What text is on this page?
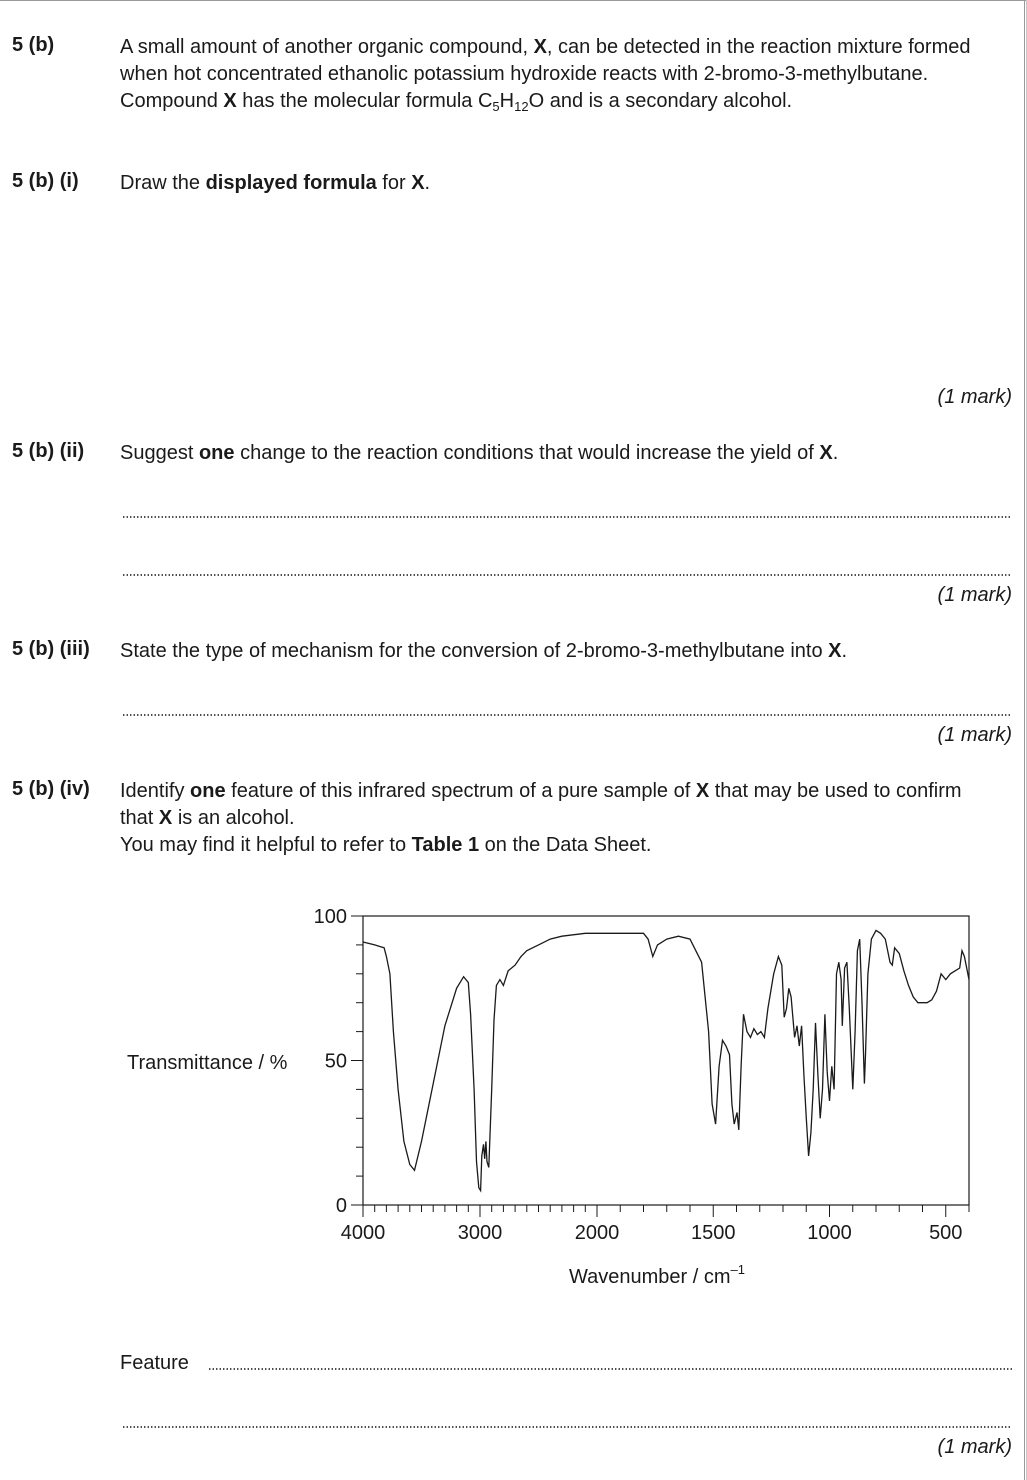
5 (b)	A small amount of another organic compound, X, can be detected in the reaction mixture formed when hot concentrated ethanolic potassium hydroxide reacts with 2-bromo-3-methylbutane.
Compound X has the molecular formula $C_5H_{12}O$ and is a secondary alcohol.
5 (b) (i) Draw the displayed formula for X.
(1 mark)
5 (b) (ii) Suggest one change to the reaction conditions that would increase the yield of X.
(1 mark)
5 (b) (iii) State the type of mechanism for the conversion of 2-bromo-3-methylbutane into X.
(1 mark)
5 (b) (iv) Identify one feature of this infrared spectrum of a pure sample of X that may be used to confirm that X is an alcohol.
You may find it helpful to refer to Table 1 on the Data Sheet.
Transmittance / %
4000	3000	2000	1500	1000	500
0
50
100
Wavenumber / $cm^{-1}$
Feature
(1 mark)
